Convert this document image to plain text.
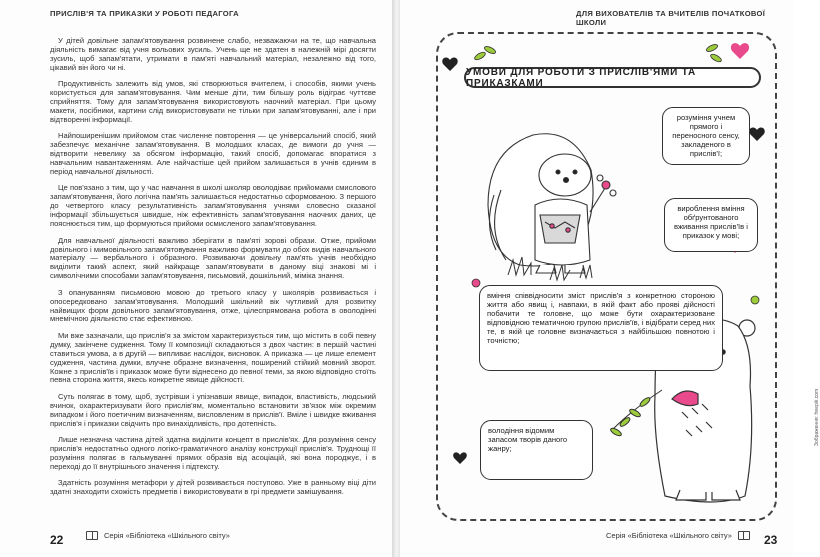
ПРИСЛІВ'Я ТА ПРИКАЗКИ У РОБОТІ ПЕДАГОГА

У дітей довільне запам'ятовування розвинене слабо, незважаючи на те, що навчальна діяльність вимагає від учня вольових зусиль. Учень ще не здатен в належній мірі досягти зусиль, щоб запам'ятати, утримати в пам'яті навчальний матеріал, незалежно від того, цікавий він його чи ні.

Продуктивність залежить від умов, які створюються вчителем, і способів, якими учень користується для запам'ятовування. Чим менше діти, тим більшу роль відіграє чуттєве сприйняття. Тому для запам'ятовування використовують наочний матеріал. При цьому макети, посібники, картини слід використовувати не тільки при запам'ятовуванні, але і при відтворенні інформації.

Найпоширенішим прийомом стає численне повторення — це універсальний спосіб, який забезпечує механічне запам'ятовування. В молодших класах, де вимоги до учня — відтворити невелику за обсягом інформацію, такий спосіб, допомагає впоратися з навчальним навантаженням. Але найчастіше цей прийом залишається в учнів єдиним в період навчальної діяльності.

Це пов'язано з тим, що у час навчання в школі школяр оволодіває прийомами смислового запам'ятовування, його логічна пам'ять залишається недостатньо сформованою. З першого до четвертого класу результативність запам'ятовування учнями словесно сказаної інформації збільшується швидше, ніж ефективність запам'ятовування наочних даних, це пояснюється тим, що формуються прийоми осмисленого запам'ятовування.

Для навчальної діяльності важливо зберігати в пам'яті зорові образи. Отже, прийоми довільного і мимовільного запам'ятовування важливо формувати до обох видів навчального матеріалу — вербального і образного. Розвиваючи довільну пам'ять учнів необхідно виділити такий аспект, який найкраще запам'ятовувати в даному віці знакові мі і символічними способами запам'ятовування, письмовий, дошкільний, міміка знання.

З опануванням письмовою мовою до третього класу у школярів розвивається і опосередковано запам'ятовування. Молодший шкільний вік чутливий для розвитку найвищих форм довільного запам'ятовування, отже, цілеспрямована робота в оволодінні мнемічною діяльністю стає ефективною.

Ми вже зазначали, що прислів'я за змістом характеризується тим, що містить в собі певну думку, закінчене судження. Тому її композиції складаються з двох частин: в першій частині ставиться умова, а в другій — випливає наслідок, висновок. А приказка — це лише елемент судження, частина думки, влучне образне визначення, поширений стійкий мовний зворот. Кожне з прислів'їв і приказок може бути віднесено до певної теми, за якою відповідно стоїть певна сторона життя, якесь конкретне явище дійсності.

Суть полягає в тому, щоб, зустрівши і упізнавши явище, випадок, властивість, людський вчинок, охарактеризувати його прислів'ям, моментально встановити зв'язок між окремим випадком і його поетичним визначенням, висловленим в прислів'ї. Вміле і швидке вживання прислів'я і приказки свідчить про винахідливість, про дотепність.

Лише незначна частина дітей здатна виділити концепт в прислів'ях. Для розуміння сенсу прислів'я недостатньо одного логіко-граматичного аналізу конструкції прислів'я. Труднощі її розуміння полягає в гальмуванні прямих образів від асоціацій, які вона породжує, і в переході до її внутрішнього значення і підтексту.

Здатність розуміння метафори у дітей розвивається поступово. Уже в ранньому віці діти здатні знаходити схожість предметів і використовувати в грі предмети замішування.

22	Серія «Бібліотека «Шкільного світу»
ДЛЯ ВИХОВАТЕЛІВ ТА ВЧИТЕЛІВ ПОЧАТКОВОЇ ШКОЛИ
УМОВИ ДЛЯ РОБОТИ З ПРИСЛІВ'ЯМИ ТА ПРИКАЗКАМИ
розуміння учнем прямого і переносного сенсу, закладеного в прислів'ї;
вироблення вміння обґрунтованого вживання прислів'їв і приказок у мові;
вміння співвідносити зміст прислів'я з конкретною стороною життя або явищ і, навпаки, в якій факт або прояві дійсності побачити те головне, що може бути охарактеризоване відповідною тематичною групою прислів'їв, і відібрати серед них те, в якій це головне визначається з найбільшою повнотою і точністю;
володіння відомим запасом творів даного жанру;
Зображення: freepik.com
Серія «Бібліотека «Шкільного світу»	23
